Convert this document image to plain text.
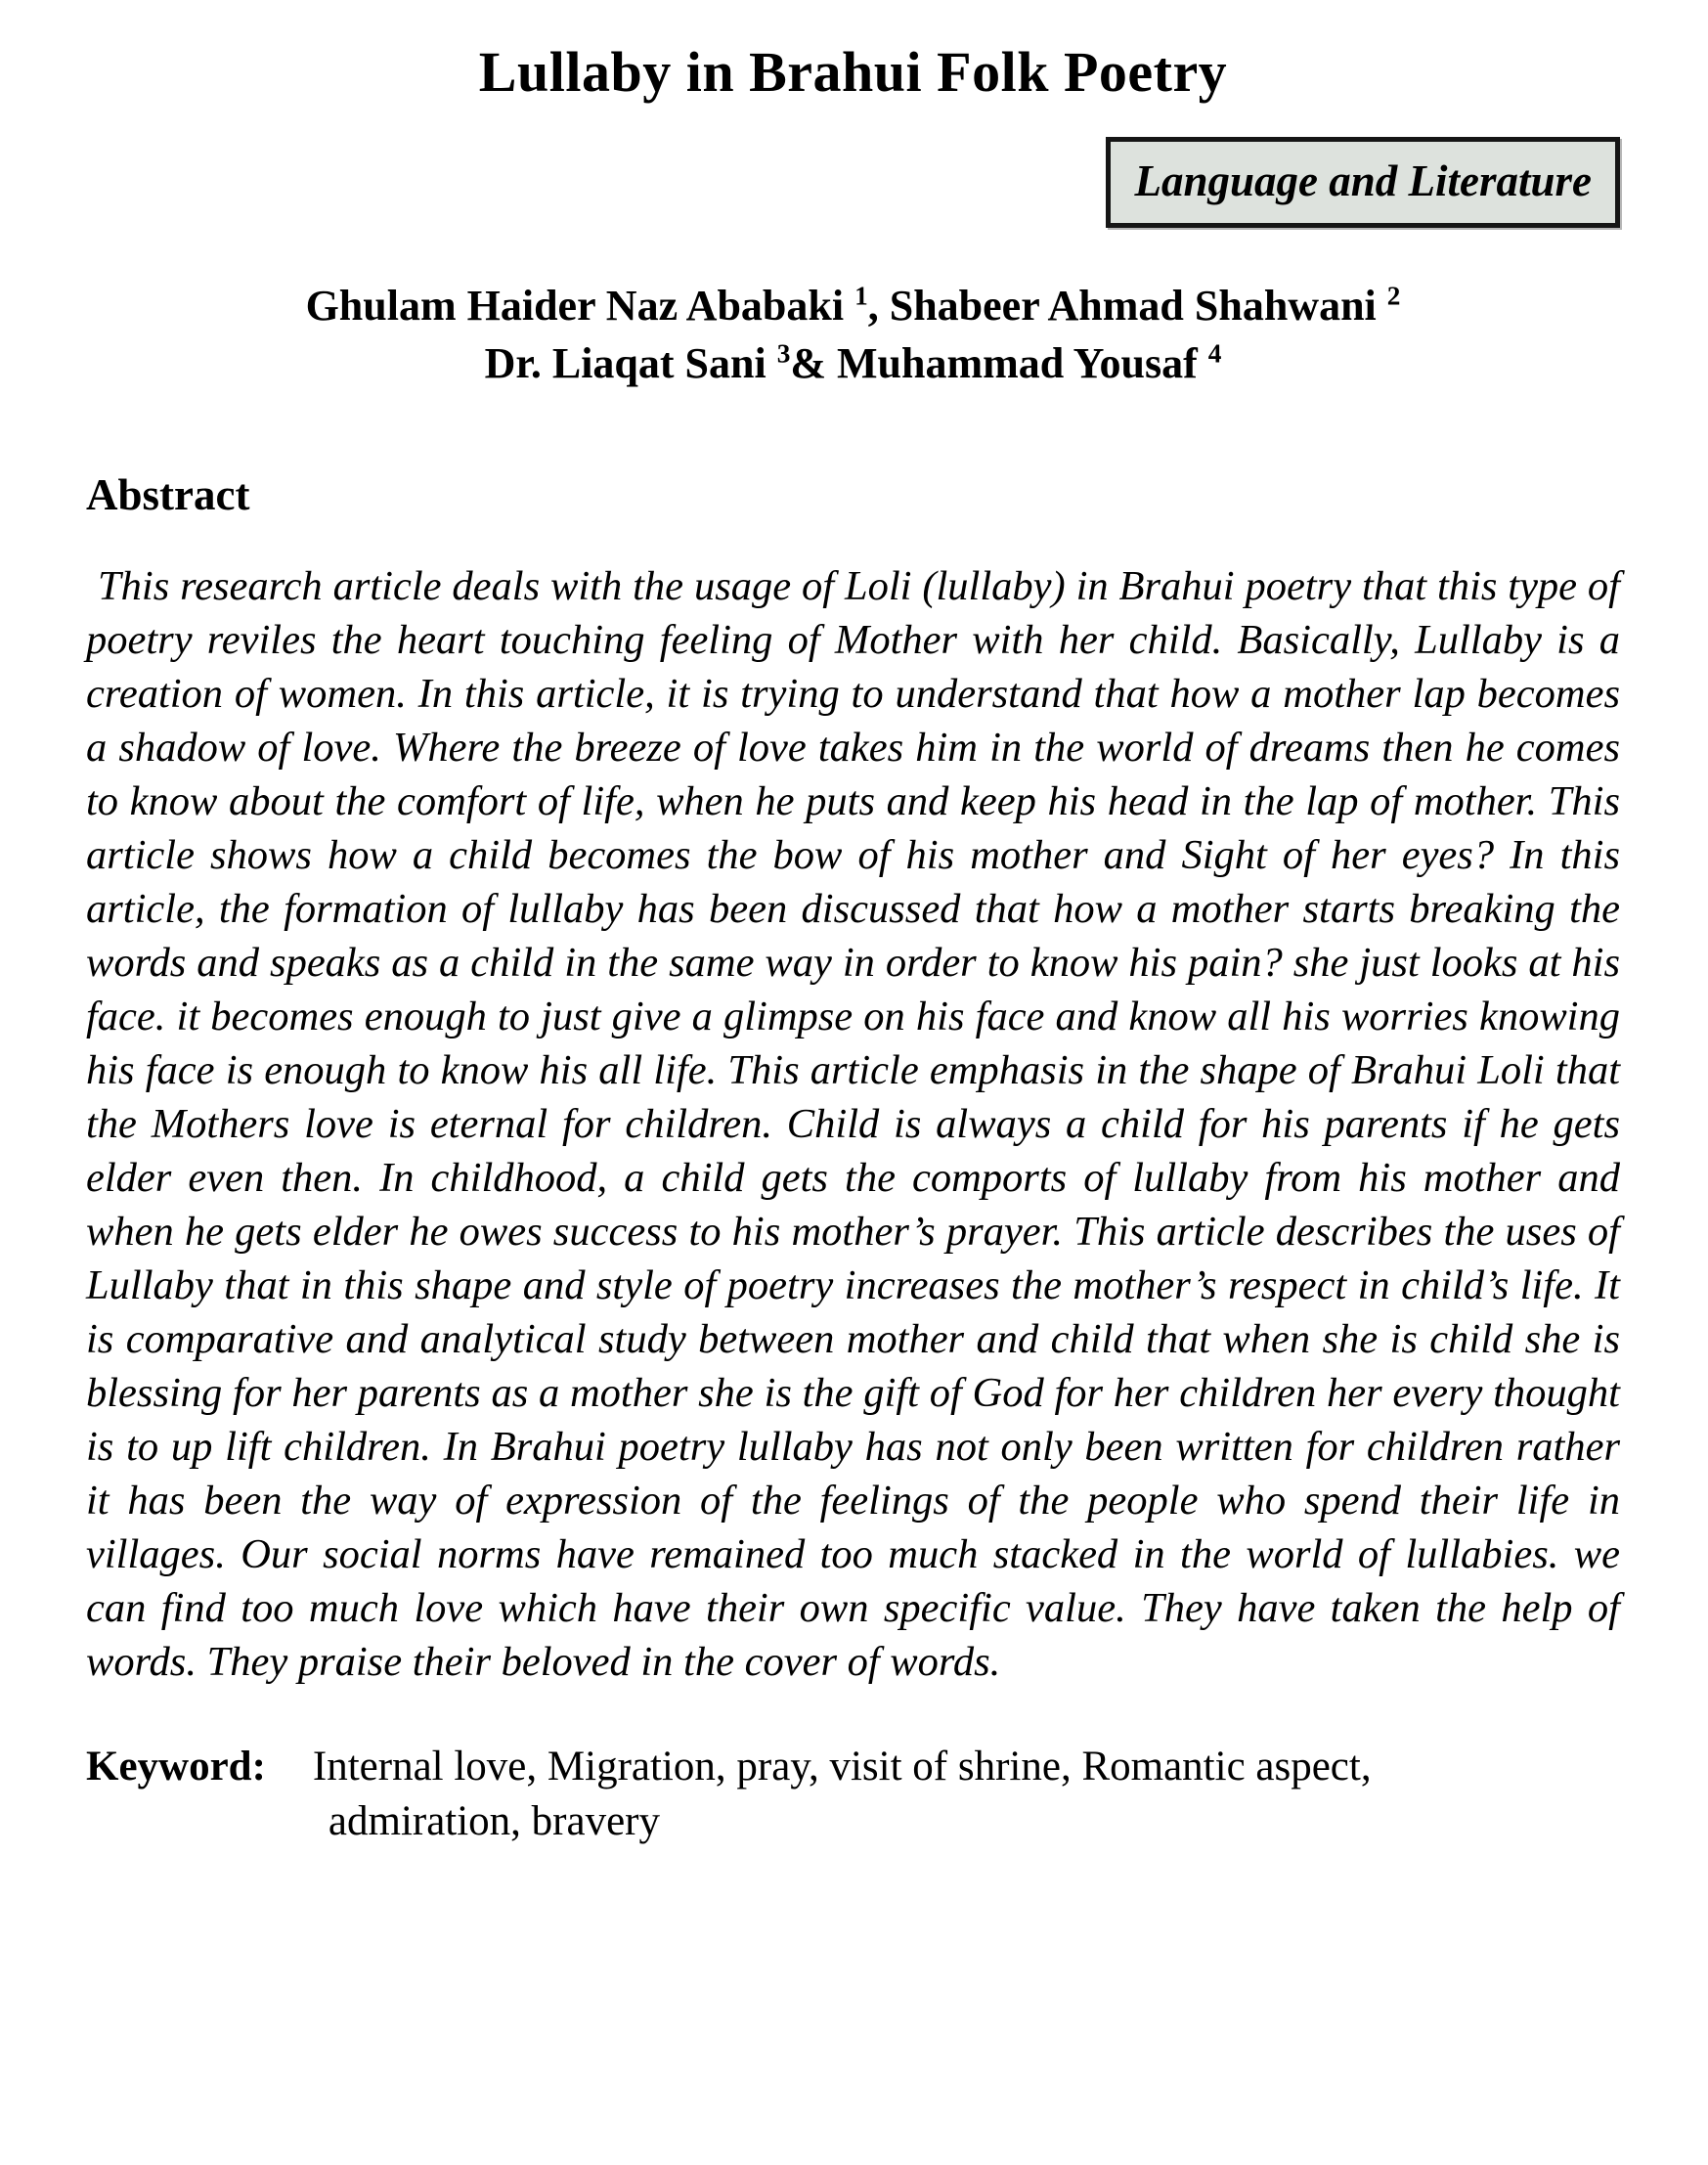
Lullaby in Brahui Folk Poetry
Language and Literature
Ghulam Haider Naz Ababaki $^1$, Shabeer Ahmad Shahwani $^2$
Dr. Liaqat Sani $^3$& Muhammad Yousaf $^4$
Abstract

This research article deals with the usage of Loli (lullaby) in Brahui poetry that this type of poetry reviles the heart touching feeling of Mother with her child. Basically, Lullaby is a creation of women. In this article, it is trying to understand that how a mother lap becomes a shadow of love. Where the breeze of love takes him in the world of dreams then he comes to know about the comfort of life, when he puts and keep his head in the lap of mother. This article shows how a child becomes the bow of his mother and Sight of her eyes? In this article, the formation of lullaby has been discussed that how a mother starts breaking the words and speaks as a child in the same way in order to know his pain? she just looks at his face. it becomes enough to just give a glimpse on his face and know all his worries knowing his face is enough to know his all life. This article emphasis in the shape of Brahui Loli that the Mothers love is eternal for children. Child is always a child for his parents if he gets elder even then. In childhood, a child gets the comports of lullaby from his mother and when he gets elder he owes success to his mother’s prayer. This article describes the uses of Lullaby that in this shape and style of poetry increases the mother’s respect in child’s life. It is comparative and analytical study between mother and child that when she is child she is blessing for her parents as a mother she is the gift of God for her children her every thought is to up lift children. In Brahui poetry lullaby has not only been written for children rather it has been the way of expression of the feelings of the people who spend their life in villages. Our social norms have remained too much stacked in the world of lullabies. we can find too much love which have their own specific value. They have taken the help of words. They praise their beloved in the cover of words.

Keyword: Internal love, Migration, pray, visit of shrine, Romantic aspect,
admiration, bravery
